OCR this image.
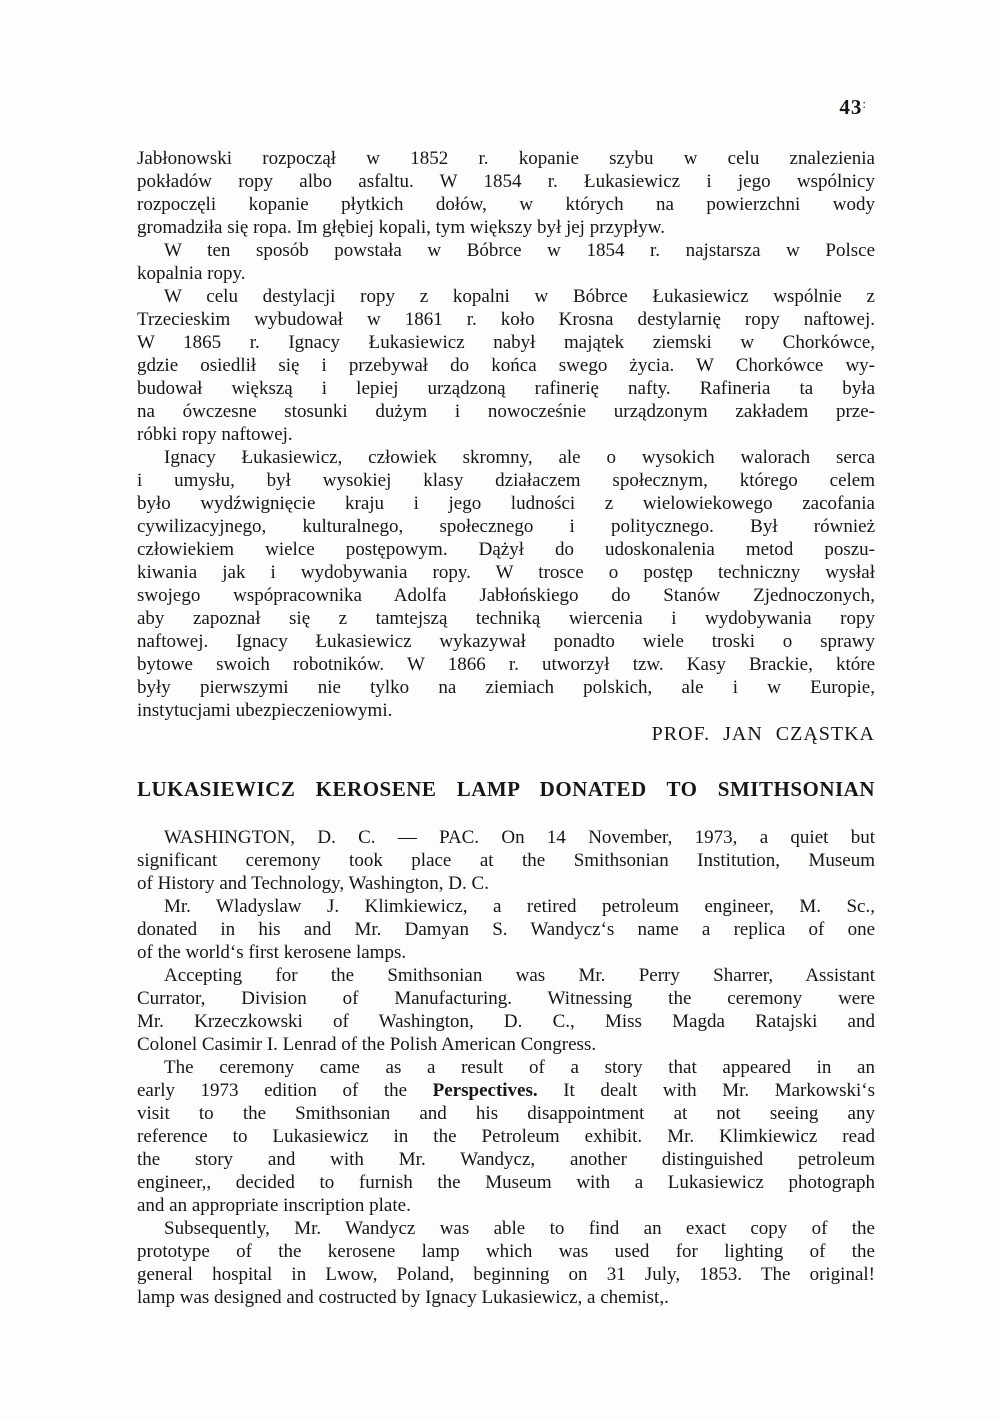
43:
Jabłonowski rozpoczął w 1852 r. kopanie szybu w celu znalezienia
pokładów ropy albo asfaltu. W 1854 r. Łukasiewicz i jego wspólnicy
rozpoczęli kopanie płytkich dołów, w których na powierzchni wody
gromadziła się ropa. Im głębiej kopali, tym większy był jej przypływ.
W ten sposób powstała w Bóbrce w 1854 r. najstarsza w Polsce
kopalnia ropy.
W celu destylacji ropy z kopalni w Bóbrce Łukasiewicz wspólnie z
Trzecieskim wybudował w 1861 r. koło Krosna destylarnię ropy naftowej.
W 1865 r. Ignacy Łukasiewicz nabył majątek ziemski w Chorkówce,
gdzie osiedlił się i przebywał do końca swego życia. W Chorkówce wy-
budował większą i lepiej urządzoną rafinerię nafty. Rafineria ta była
na ówczesne stosunki dużym i nowocześnie urządzonym zakładem prze-
róbki ropy naftowej.
Ignacy Łukasiewicz, człowiek skromny, ale o wysokich walorach serca
i umysłu, był wysokiej klasy działaczem społecznym, którego celem
było wydźwignięcie kraju i jego ludności z wielowiekowego zacofania
cywilizacyjnego, kulturalnego, społecznego i politycznego. Był również
człowiekiem wielce postępowym. Dążył do udoskonalenia metod poszu-
kiwania jak i wydobywania ropy. W trosce o postęp techniczny wysłał
swojego wspópracownika Adolfa Jabłońskiego do Stanów Zjednoczonych,
aby zapoznał się z tamtejszą techniką wiercenia i wydobywania ropy
naftowej. Ignacy Łukasiewicz wykazywał ponadto wiele troski o sprawy
bytowe swoich robotników. W 1866 r. utworzył tzw. Kasy Brackie, które
były pierwszymi nie tylko na ziemiach polskich, ale i w Europie,
instytucjami ubezpieczeniowymi.
PROF. JAN CZĄSTKA
LUKASIEWICZ KEROSENE LAMP DONATED TO SMITHSONIAN
WASHINGTON, D. C. — PAC. On 14 November, 1973, a quiet but
significant ceremony took place at the Smithsonian Institution, Museum
of History and Technology, Washington, D. C.
Mr. Wladyslaw J. Klimkiewicz, a retired petroleum engineer, M. Sc.,
donated in his and Mr. Damyan S. Wandycz‘s name a replica of one
of the world‘s first kerosene lamps.
Accepting for the Smithsonian was Mr. Perry Sharrer, Assistant
Currator, Division of Manufacturing. Witnessing the ceremony were
Mr. Krzeczkowski of Washington, D. C., Miss Magda Ratajski and
Colonel Casimir I. Lenrad of the Polish American Congress.
The ceremony came as a result of a story that appeared in an
early 1973 edition of the Perspectives. It dealt with Mr. Markowski‘s
visit to the Smithsonian and his disappointment at not seeing any
reference to Lukasiewicz in the Petroleum exhibit. Mr. Klimkiewicz read
the story and with Mr. Wandycz, another distinguished petroleum
engineer,, decided to furnish the Museum with a Lukasiewicz photograph
and an appropriate inscription plate.
Subsequently, Mr. Wandycz was able to find an exact copy of the
prototype of the kerosene lamp which was used for lighting of the
general hospital in Lwow, Poland, beginning on 31 July, 1853. The original!
lamp was designed and costructed by Ignacy Lukasiewicz, a chemist,.
